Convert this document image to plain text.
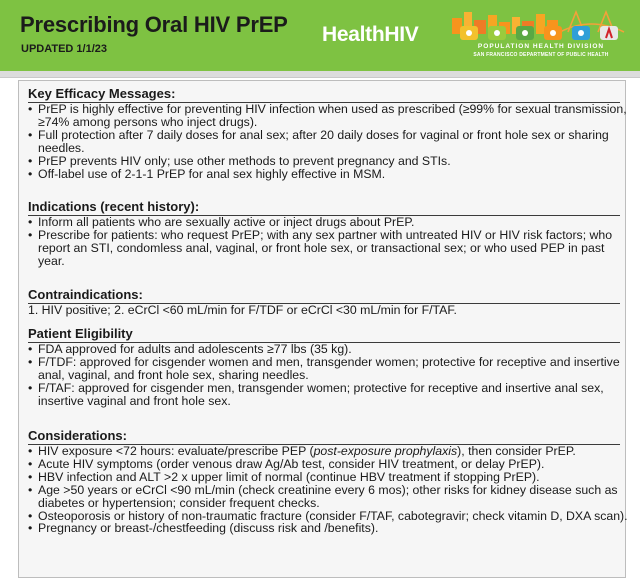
Prescribing Oral HIV PrEP
UPDATED 1/1/23
HealthHIV
POPULATION HEALTH DIVISION
SAN FRANCISCO DEPARTMENT OF PUBLIC HEALTH
Key Efficacy Messages:
• PrEP is highly effective for preventing HIV infection when used as prescribed (≥99% for sexual transmission, ≥74% among persons who inject drugs).
• Full protection after 7 daily doses for anal sex; after 20 daily doses for vaginal or front hole sex or sharing needles.
• PrEP prevents HIV only; use other methods to prevent pregnancy and STIs.
• Off-label use of 2-1-1 PrEP for anal sex highly effective in MSM.
Indications (recent history):
• Inform all patients who are sexually active or inject drugs about PrEP.
• Prescribe for patients: who request PrEP; with any sex partner with untreated HIV or HIV risk factors; who report an STI, condomless anal, vaginal, or front hole sex, or transactional sex; or who used PEP in past year.
Contraindications:

1. HIV positive; 2. eCrCl <60 mL/min for F/TDF or eCrCl <30 mL/min for F/TAF.

Patient Eligibility
• FDA approved for adults and adolescents ≥77 lbs (35 kg).
• F/TDF: approved for cisgender women and men, transgender women; protective for receptive and insertive anal, vaginal, and front hole sex, sharing needles.
• F/TAF: approved for cisgender men, transgender women; protective for receptive and insertive anal sex, insertive vaginal and front hole sex.
Considerations:
• HIV exposure <72 hours: evaluate/prescribe PEP (post-exposure prophylaxis), then consider PrEP.
• Acute HIV symptoms (order venous draw Ag/Ab test, consider HIV treatment, or delay PrEP).
• HBV infection and ALT >2 x upper limit of normal (continue HBV treatment if stopping PrEP).
• Age >50 years or eCrCl <90 mL/min (check creatinine every 6 mos); other risks for kidney disease such as diabetes or hypertension; consider frequent checks.
• Osteoporosis or history of non-traumatic fracture (consider F/TAF, cabotegravir; check vitamin D, DXA scan).
• Pregnancy or breast-/chestfeeding (discuss risk and /benefits).
